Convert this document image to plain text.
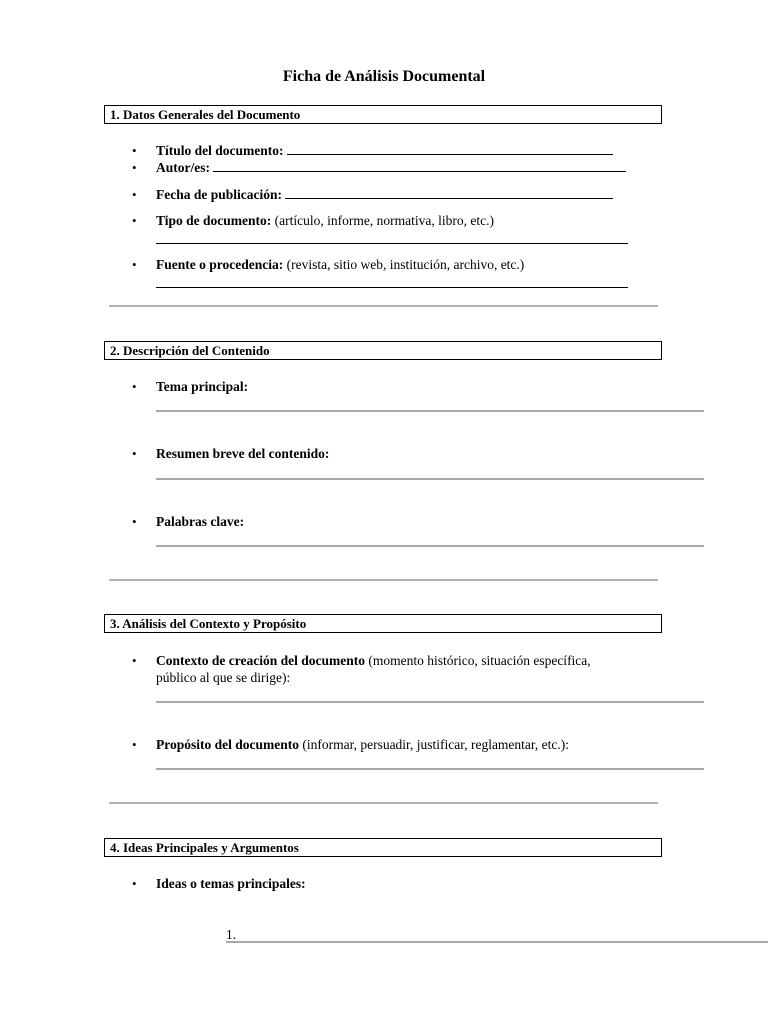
Ficha de Análisis Documental
1. Datos Generales del Documento
• Título del documento:
• Autor/es:
• Fecha de publicación:
• Tipo de documento: (artículo, informe, normativa, libro, etc.)
• Fuente o procedencia: (revista, sitio web, institución, archivo, etc.)
2. Descripción del Contenido
• Tema principal:
• Resumen breve del contenido:
• Palabras clave:
3. Análisis del Contexto y Propósito
• Contexto de creación del documento (momento histórico, situación específica,
público al que se dirige):
• Propósito del documento (informar, persuadir, justificar, reglamentar, etc.):
4. Ideas Principales y Argumentos
• Ideas o temas principales:
1.
